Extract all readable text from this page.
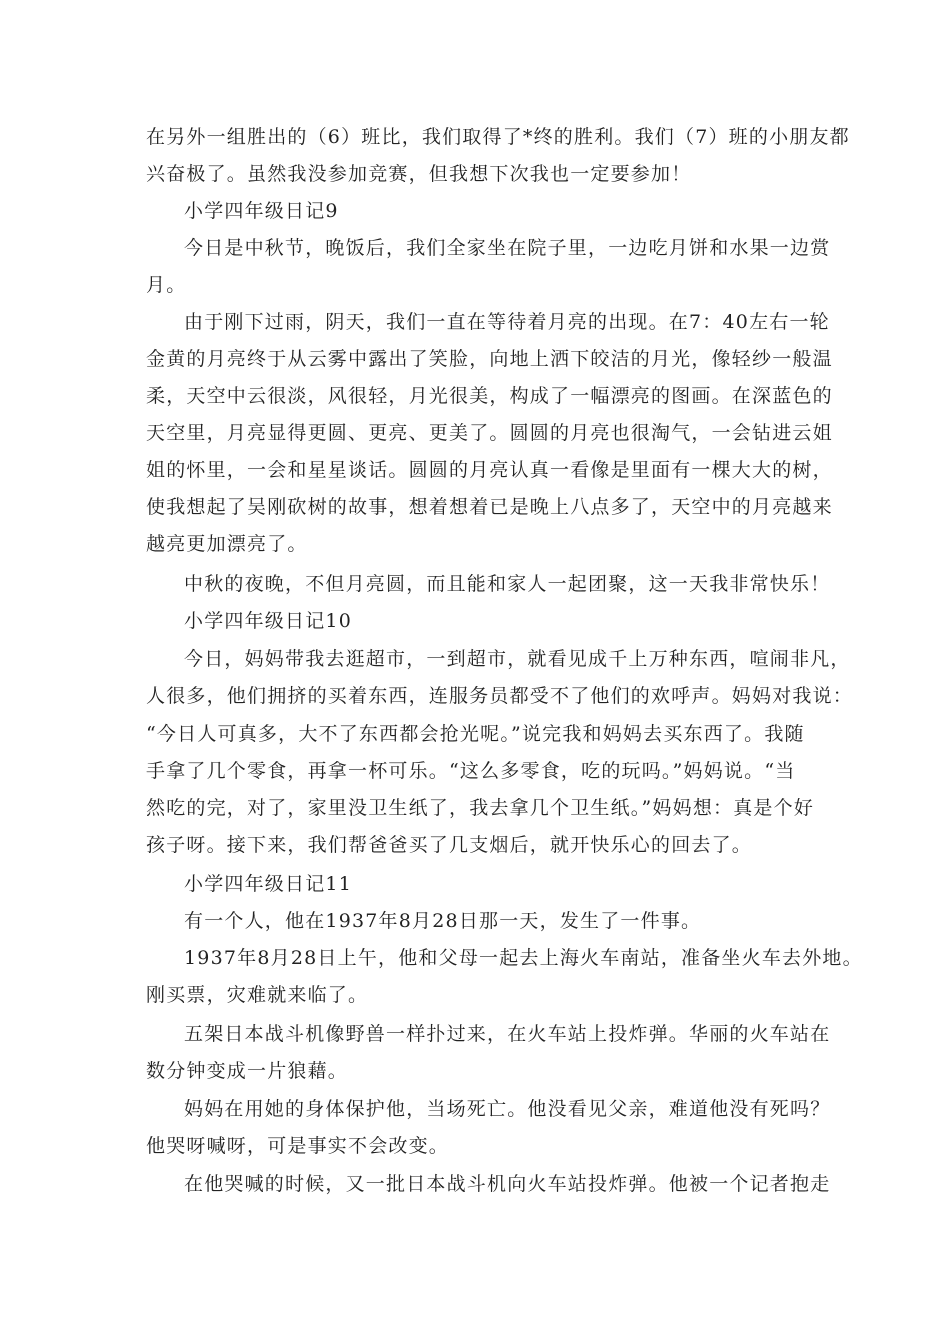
在另外一组胜出的（6）班比，我们取得了*终的胜利。我们（7）班的小朋友都
兴奋极了。虽然我没参加竞赛，但我想下次我也一定要参加！
小学四年级日记9
今日是中秋节，晚饭后，我们全家坐在院子里，一边吃月饼和水果一边赏
月。
由于刚下过雨，阴天，我们一直在等待着月亮的出现。在7：40左右一轮
金黄的月亮终于从云雾中露出了笑脸，向地上洒下皎洁的月光，像轻纱一般温
柔，天空中云很淡，风很轻，月光很美，构成了一幅漂亮的图画。在深蓝色的
天空里，月亮显得更圆、更亮、更美了。圆圆的月亮也很淘气，一会钻进云姐
姐的怀里，一会和星星谈话。圆圆的月亮认真一看像是里面有一棵大大的树，
使我想起了吴刚砍树的故事，想着想着已是晚上八点多了，天空中的月亮越来
越亮更加漂亮了。
中秋的夜晚，不但月亮圆，而且能和家人一起团聚，这一天我非常快乐！
小学四年级日记10
今日，妈妈带我去逛超市，一到超市，就看见成千上万种东西，喧闹非凡，
人很多，他们拥挤的买着东西，连服务员都受不了他们的欢呼声。妈妈对我说：
“今日人可真多，大不了东西都会抢光呢。”说完我和妈妈去买东西了。我随
手拿了几个零食，再拿一杯可乐。“这么多零食，吃的玩吗。”妈妈说。“当
然吃的完，对了，家里没卫生纸了，我去拿几个卫生纸。”妈妈想：真是个好
孩子呀。接下来，我们帮爸爸买了几支烟后，就开快乐心的回去了。
小学四年级日记11
有一个人，他在1937年8月28日那一天，发生了一件事。
1937年8月28日上午，他和父母一起去上海火车南站，准备坐火车去外地。
刚买票，灾难就来临了。
五架日本战斗机像野兽一样扑过来，在火车站上投炸弹。华丽的火车站在
数分钟变成一片狼藉。
妈妈在用她的身体保护他，当场死亡。他没看见父亲，难道他没有死吗？
他哭呀喊呀，可是事实不会改变。
在他哭喊的时候，又一批日本战斗机向火车站投炸弹。他被一个记者抱走
